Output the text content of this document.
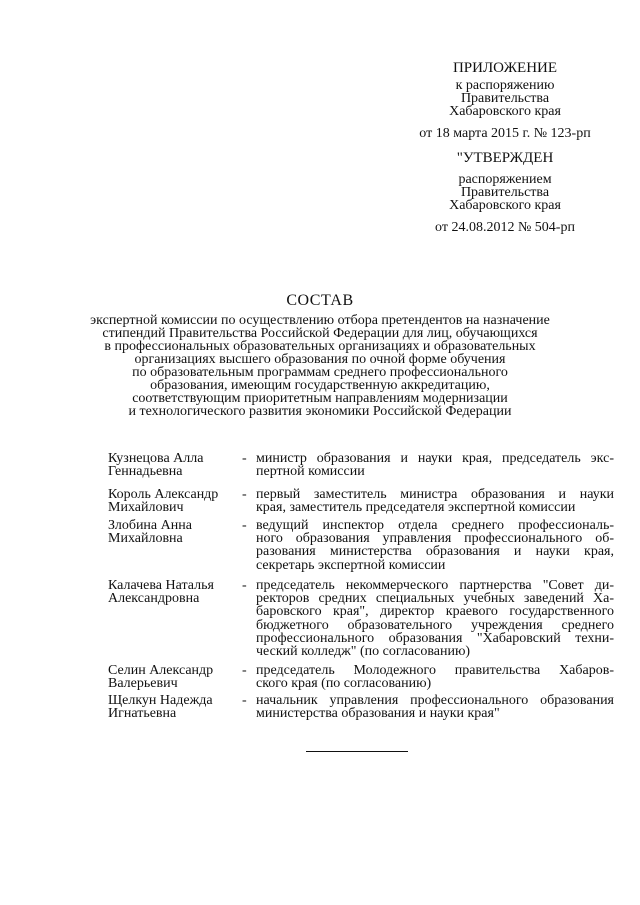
ПРИЛОЖЕНИЕ
к распоряжению
Правительства
Хабаровского края
от 18 марта 2015 г. № 123-рп
"УТВЕРЖДЕН
распоряжением
Правительства
Хабаровского края
от 24.08.2012 № 504-рп
СОСТАВ
экспертной комиссии по осуществлению отбора претендентов на назначение
стипендий Правительства Российской Федерации для лиц, обучающихся
в профессиональных образовательных организациях и образовательных
организациях высшего образования по очной форме обучения
по образовательным программам среднего профессионального
образования, имеющим государственную аккредитацию,
соответствующим приоритетным направлениям модернизации
и технологического развития экономики Российской Федерации
Кузнецова Алла
Геннадьевна
- министр образования и науки края, председатель экс-
пертной комиссии
Король Александр
Михайлович
- первый заместитель министра образования и науки
края, заместитель председателя экспертной комиссии
Злобина Анна
Михайловна
- ведущий инспектор отдела среднего профессиональ-
ного образования управления профессионального об-
разования министерства образования и науки края,
секретарь экспертной комиссии
Калачева Наталья
Александровна
- председатель некоммерческого партнерства "Совет ди-
ректоров средних специальных учебных заведений Ха-
баровского края", директор краевого государственного
бюджетного образовательного учреждения среднего
профессионального образования "Хабаровский техни-
ческий колледж" (по согласованию)
Селин Александр
Валерьевич
- председатель Молодежного правительства Хабаров-
ского края (по согласованию)
Щелкун Надежда
Игнатьевна
- начальник управления профессионального образования
министерства образования и науки края"
